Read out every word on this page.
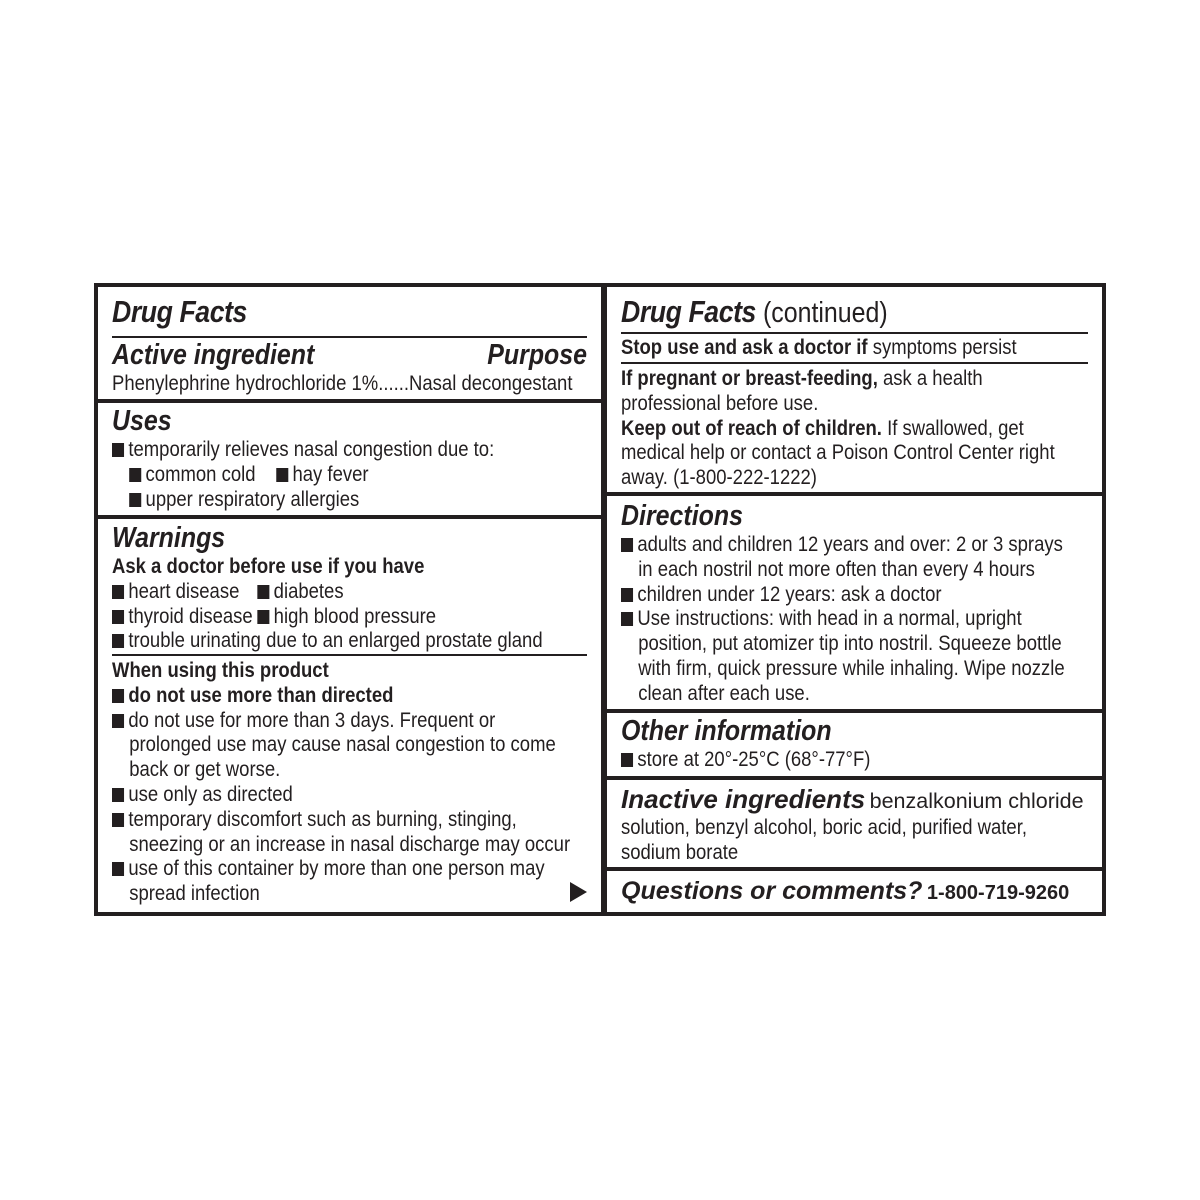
Drug Facts
Active ingredient	Purpose
Phenylephrine hydrochloride 1%......Nasal decongestant
Uses
temporarily relieves nasal congestion due to:
common cold hay fever
upper respiratory allergies
Warnings
Ask a doctor before use if you have
heart disease diabetes
thyroid disease high blood pressure
trouble urinating due to an enlarged prostate gland
When using this product
do not use more than directed
do not use for more than 3 days. Frequent or
prolonged use may cause nasal congestion to come
back or get worse.
use only as directed
temporary discomfort such as burning, stinging,
sneezing or an increase in nasal discharge may occur
use of this container by more than one person may
spread infection
Drug Facts (continued)
Stop use and ask a doctor if symptoms persist
If pregnant or breast-feeding, ask a health
professional before use.
Keep out of reach of children. If swallowed, get
medical help or contact a Poison Control Center right
away. (1-800-222-1222)
Directions
adults and children 12 years and over: 2 or 3 sprays
in each nostril not more often than every 4 hours
children under 12 years: ask a doctor
Use instructions: with head in a normal, upright
position, put atomizer tip into nostril. Squeeze bottle
with firm, quick pressure while inhaling. Wipe nozzle
clean after each use.
Other information
store at 20°-25°C (68°-77°F)
Inactive ingredients benzalkonium chloride
solution, benzyl alcohol, boric acid, purified water,
sodium borate
Questions or comments? 1-800-719-9260
